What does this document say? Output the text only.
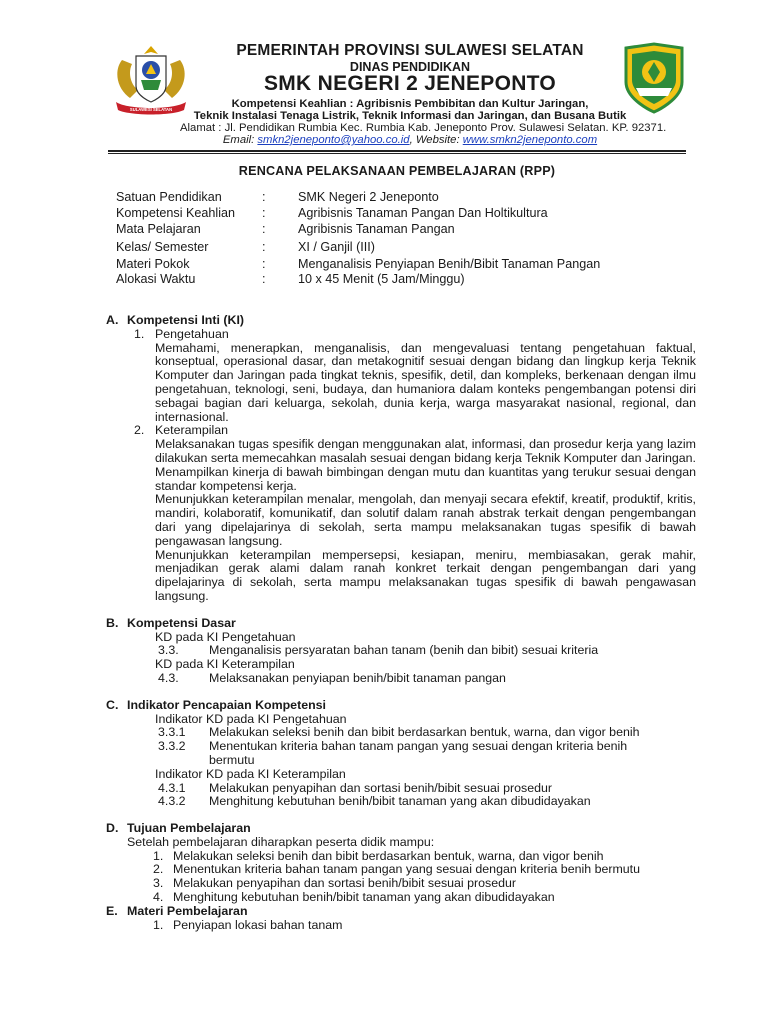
SULAWESI SELATAN
PEMERINTAH PROVINSI SULAWESI SELATAN
DINAS PENDIDIKAN
SMK NEGERI 2 JENEPONTO
Kompetensi Keahlian : Agribisnis Pembibitan dan Kultur Jaringan,
Teknik Instalasi Tenaga Listrik, Teknik Informasi dan Jaringan, dan Busana Butik
Alamat : Jl. Pendidikan Rumbia Kec. Rumbia Kab. Jeneponto Prov. Sulawesi Selatan. KP. 92371.
Email: smkn2jeneponto@yahoo.co.id, Website: www.smkn2jeneponto.com
RENCANA PELAKSANAAN PEMBELAJARAN (RPP)
Satuan Pendidikan	:	SMK Negeri 2 Jeneponto
Kompetensi Keahlian :	Agribisnis Tanaman Pangan Dan Holtikultura
Mata Pelajaran	:	Agribisnis Tanaman Pangan
Kelas/ Semester	:	XI / Ganjil (III)
Materi Pokok	:	Menganalisis Penyiapan Benih/Bibit Tanaman Pangan
Alokasi Waktu	:	10 x 45 Menit (5 Jam/Minggu)
A. Kompetensi Inti (KI)
1. Pengetahuan
Memahami, menerapkan, menganalisis, dan mengevaluasi tentang pengetahuan faktual, konseptual, operasional dasar, dan metakognitif sesuai dengan bidang dan lingkup kerja Teknik Komputer dan Jaringan pada tingkat teknis, spesifik, detil, dan kompleks, berkenaan dengan ilmu pengetahuan, teknologi, seni, budaya, dan humaniora dalam konteks pengembangan potensi diri sebagai bagian dari keluarga, sekolah, dunia kerja, warga masyarakat nasional, regional, dan internasional.
2. Keterampilan
Melaksanakan tugas spesifik dengan menggunakan alat, informasi, dan prosedur kerja yang lazim dilakukan serta memecahkan masalah sesuai dengan bidang kerja Teknik Komputer dan Jaringan. Menampilkan kinerja di bawah bimbingan dengan mutu dan kuantitas yang terukur sesuai dengan standar kompetensi kerja.
Menunjukkan keterampilan menalar, mengolah, dan menyaji secara efektif, kreatif, produktif, kritis, mandiri, kolaboratif, komunikatif, dan solutif dalam ranah abstrak terkait dengan pengembangan dari yang dipelajarinya di sekolah, serta mampu melaksanakan tugas spesifik di bawah pengawasan langsung.
Menunjukkan keterampilan mempersepsi, kesiapan, meniru, membiasakan, gerak mahir, menjadikan gerak alami dalam ranah konkret terkait dengan pengembangan dari yang dipelajarinya di sekolah, serta mampu melaksanakan tugas spesifik di bawah pengawasan langsung.
B. Kompetensi Dasar
KD pada KI Pengetahuan
3.3. Menganalisis persyaratan bahan tanam (benih dan bibit) sesuai kriteria
KD pada KI Keterampilan
4.3. Melaksanakan penyiapan benih/bibit tanaman pangan
C. Indikator Pencapaian Kompetensi
Indikator KD pada KI Pengetahuan
3.3.1 Melakukan seleksi benih dan bibit berdasarkan bentuk, warna, dan vigor benih
3.3.2 Menentukan kriteria bahan tanam pangan yang sesuai dengan kriteria benih bermutu
Indikator KD pada KI Keterampilan
4.3.1 Melakukan penyapihan dan sortasi benih/bibit sesuai prosedur
4.3.2 Menghitung kebutuhan benih/bibit tanaman yang akan dibudidayakan
D. Tujuan Pembelajaran
Setelah pembelajaran diharapkan peserta didik mampu:
1. Melakukan seleksi benih dan bibit berdasarkan bentuk, warna, dan vigor benih
2. Menentukan kriteria bahan tanam pangan yang sesuai dengan kriteria benih bermutu
3. Melakukan penyapihan dan sortasi benih/bibit sesuai prosedur
4. Menghitung kebutuhan benih/bibit tanaman yang akan dibudidayakan
E. Materi Pembelajaran
1. Penyiapan lokasi bahan tanam
